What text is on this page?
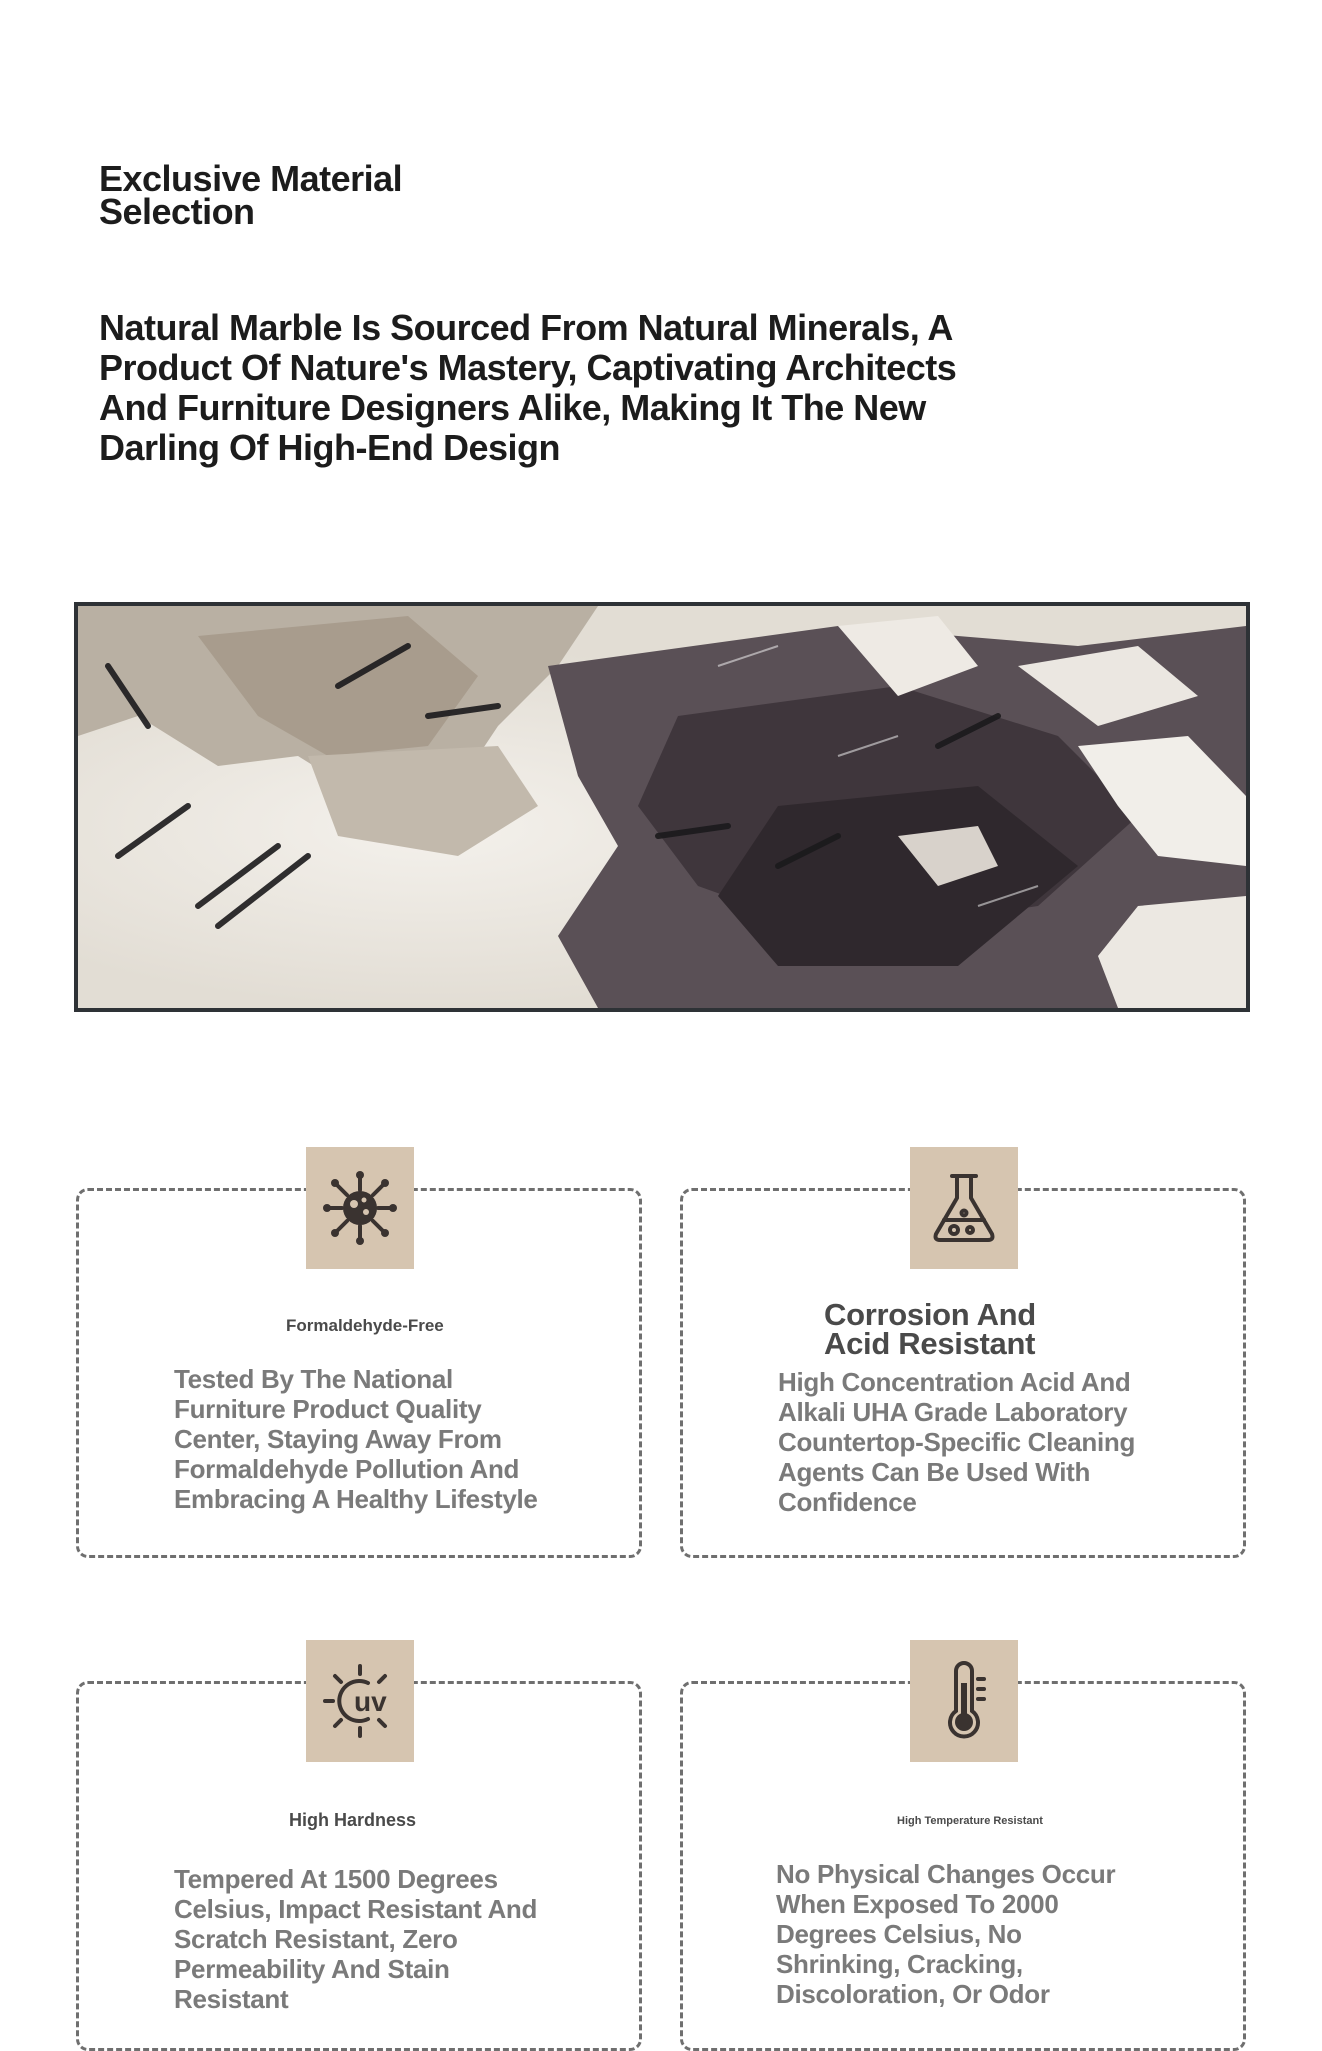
Exclusive Material Selection
Natural Marble Is Sourced From Natural Minerals, A Product Of Nature's Mastery, Captivating Architects And Furniture Designers Alike, Making It The New Darling Of High-End Design

Formaldehyde-Free

Tested By The National Furniture Product Quality Center, Staying Away From Formaldehyde Pollution And Embracing A Healthy Lifestyle

Corrosion And Acid Resistant

High Concentration Acid And Alkali UHA Grade Laboratory Countertop-Specific Cleaning Agents Can Be Used With Confidence

uv

High Hardness

Tempered At 1500 Degrees Celsius, Impact Resistant And Scratch Resistant, Zero Permeability And Stain Resistant

High Temperature Resistant

No Physical Changes Occur When Exposed To 2000 Degrees Celsius, No Shrinking, Cracking, Discoloration, Or Odor
